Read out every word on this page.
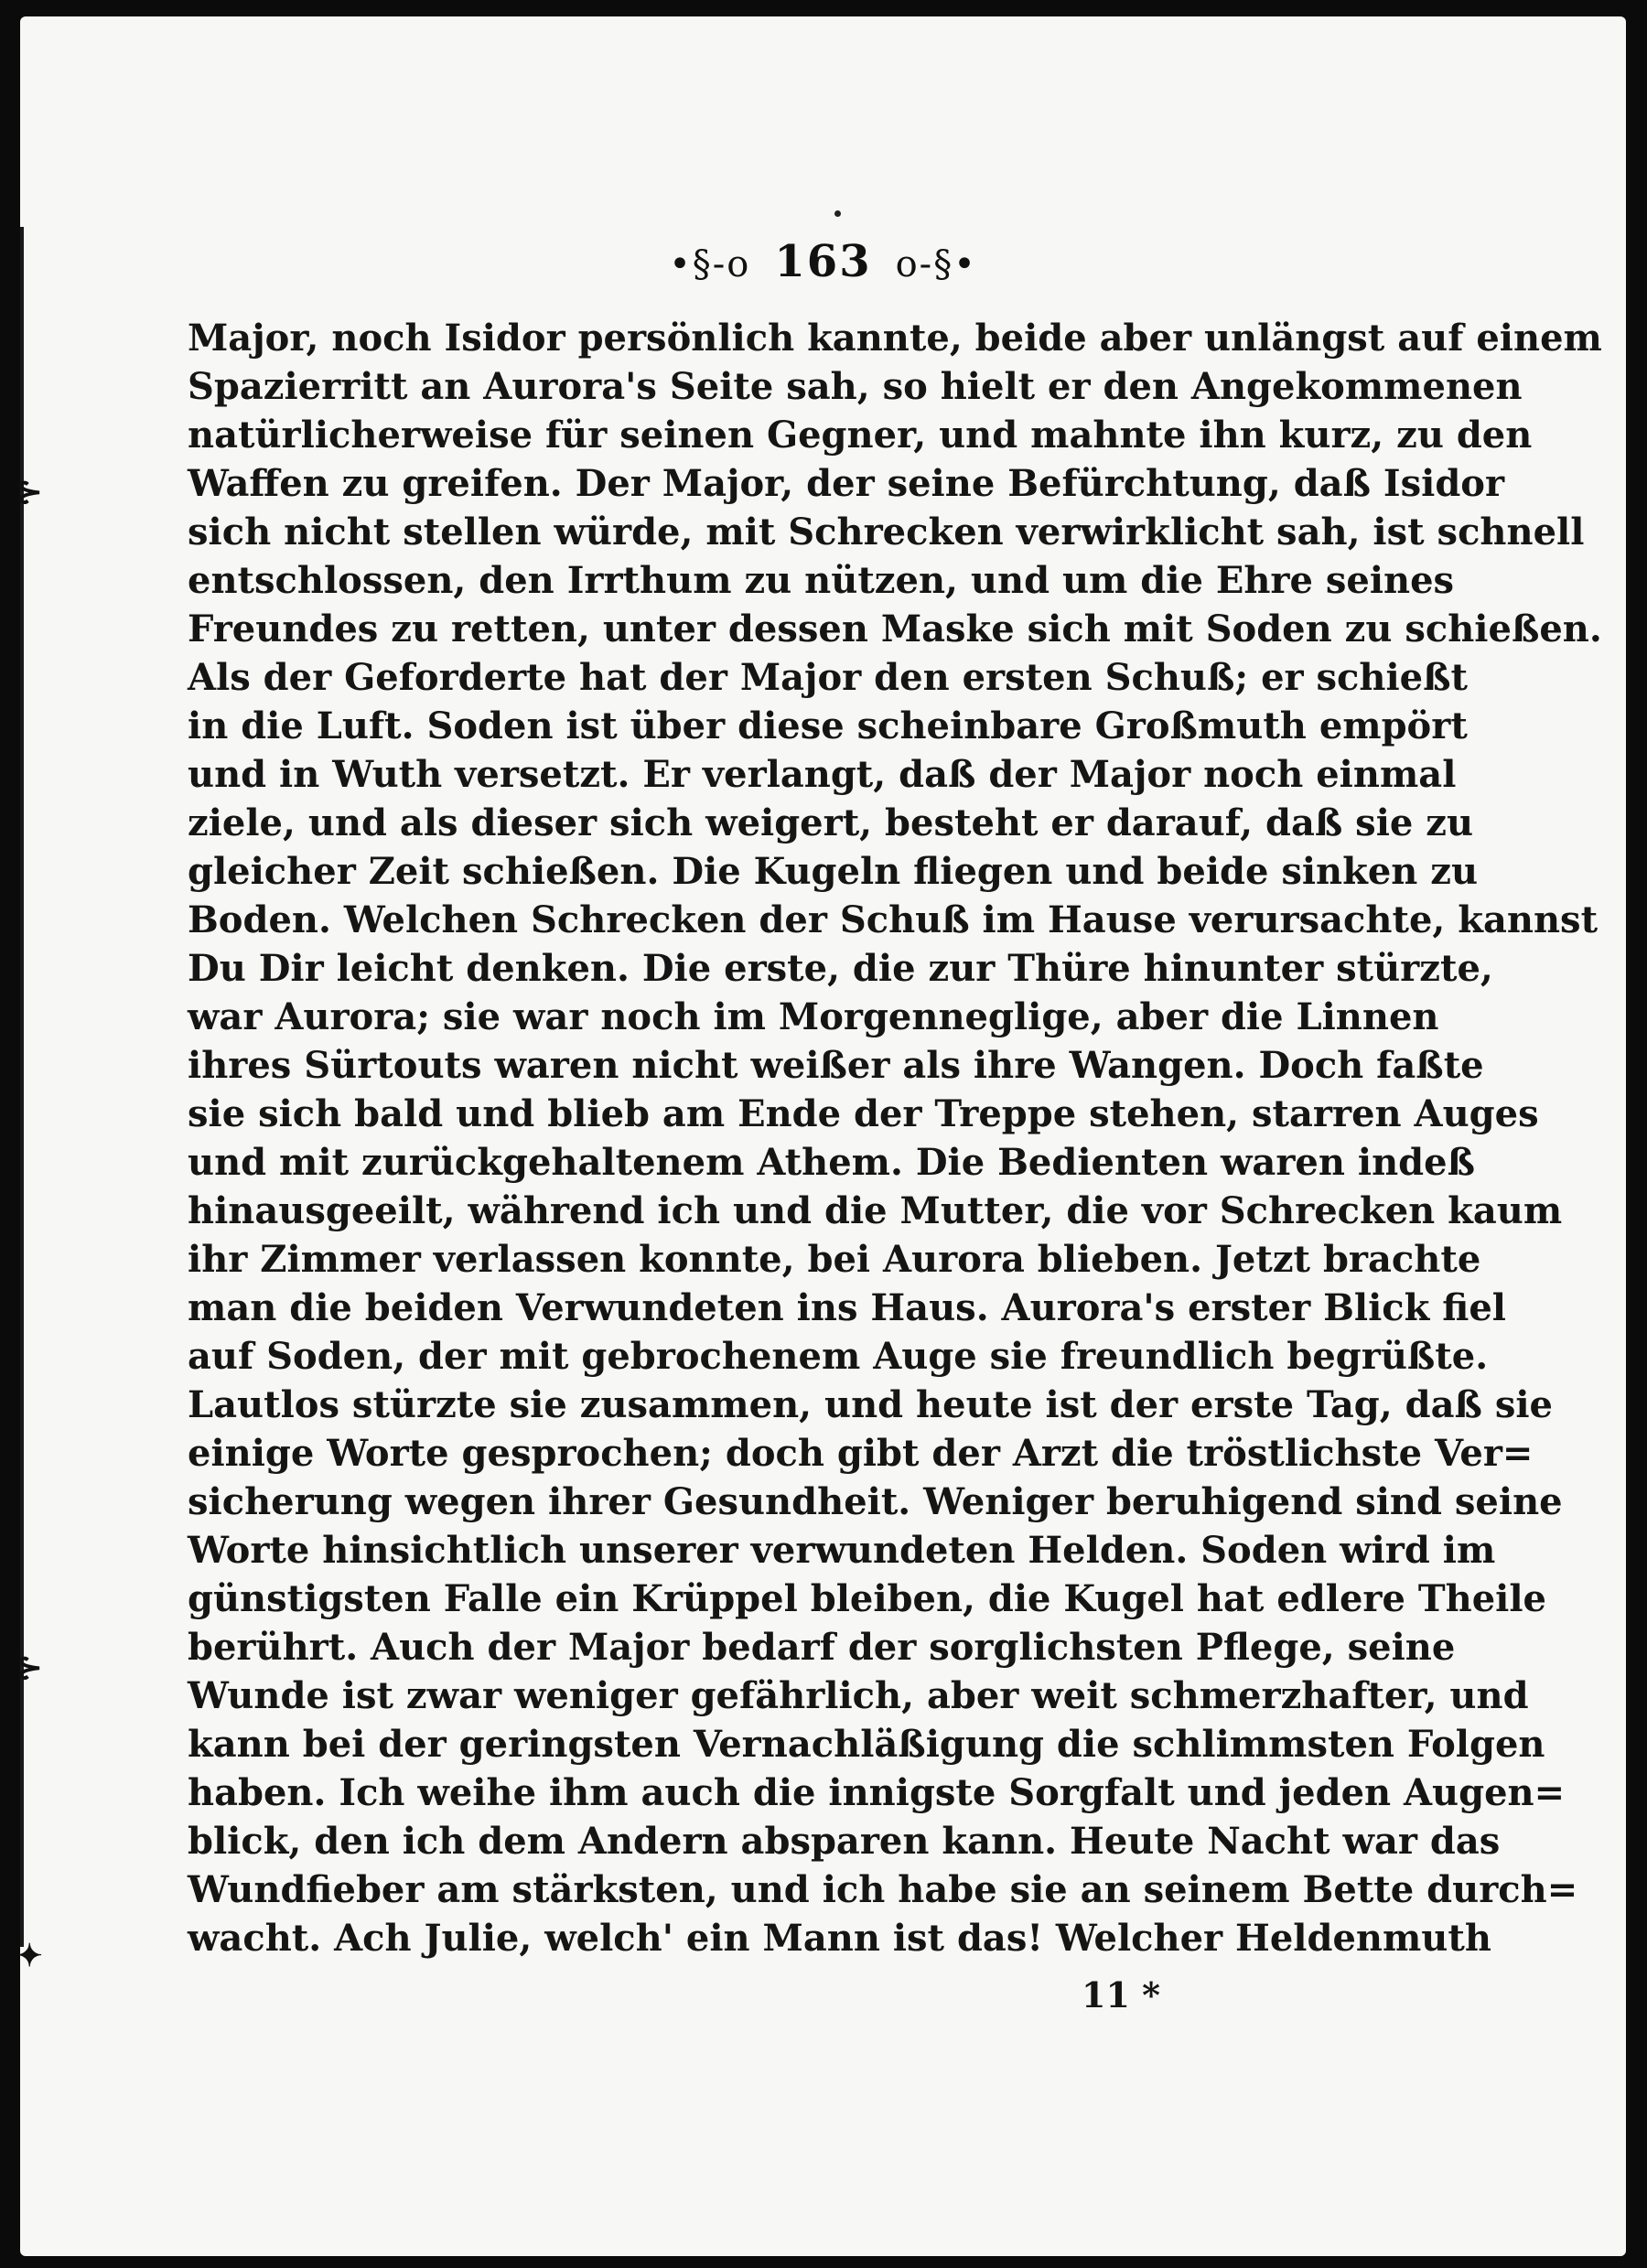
•§-o 163 o-§•
Major, noch Isidor persönlich kannte, beide aber unlängst auf einem
Spazierritt an Aurora's Seite sah, so hielt er den Angekommenen
natürlicherweise für seinen Gegner, und mahnte ihn kurz, zu den
Waffen zu greifen. Der Major, der seine Befürchtung, daß Isidor
sich nicht stellen würde, mit Schrecken verwirklicht sah, ist schnell
entschlossen, den Irrthum zu nützen, und um die Ehre seines
Freundes zu retten, unter dessen Maske sich mit Soden zu schießen.
Als der Geforderte hat der Major den ersten Schuß; er schießt
in die Luft. Soden ist über diese scheinbare Großmuth empört
und in Wuth versetzt. Er verlangt, daß der Major noch einmal
ziele, und als dieser sich weigert, besteht er darauf, daß sie zu
gleicher Zeit schießen. Die Kugeln fliegen und beide sinken zu
Boden. Welchen Schrecken der Schuß im Hause verursachte, kannst
Du Dir leicht denken. Die erste, die zur Thüre hinunter stürzte,
war Aurora; sie war noch im Morgenneglige, aber die Linnen
ihres Sürtouts waren nicht weißer als ihre Wangen. Doch faßte
sie sich bald und blieb am Ende der Treppe stehen, starren Auges
und mit zurückgehaltenem Athem. Die Bedienten waren indeß
hinausgeeilt, während ich und die Mutter, die vor Schrecken kaum
ihr Zimmer verlassen konnte, bei Aurora blieben. Jetzt brachte
man die beiden Verwundeten ins Haus. Aurora's erster Blick fiel
auf Soden, der mit gebrochenem Auge sie freundlich begrüßte.
Lautlos stürzte sie zusammen, und heute ist der erste Tag, daß sie
einige Worte gesprochen; doch gibt der Arzt die tröstlichste Ver=
sicherung wegen ihrer Gesundheit. Weniger beruhigend sind seine
Worte hinsichtlich unserer verwundeten Helden. Soden wird im
günstigsten Falle ein Krüppel bleiben, die Kugel hat edlere Theile
berührt. Auch der Major bedarf der sorglichsten Pflege, seine
Wunde ist zwar weniger gefährlich, aber weit schmerzhafter, und
kann bei der geringsten Vernachläßigung die schlimmsten Folgen
haben. Ich weihe ihm auch die innigste Sorgfalt und jeden Augen=
blick, den ich dem Andern absparen kann. Heute Nacht war das
Wundfieber am stärksten, und ich habe sie an seinem Bette durch=
wacht. Ach Julie, welch' ein Mann ist das! Welcher Heldenmuth
11 *
⊱
⊱
✦
